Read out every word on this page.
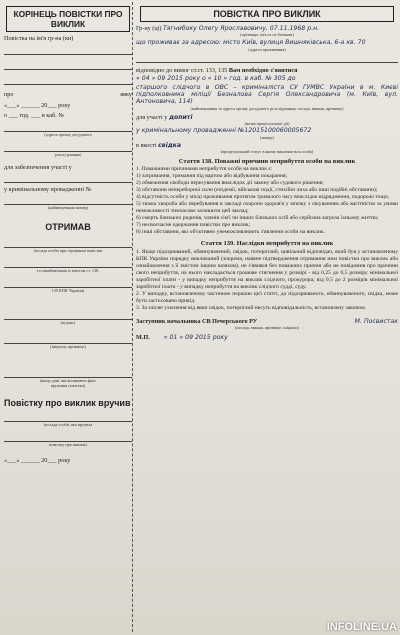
КОРІНЕЦЬ ПОВІСТКИ ПРО ВИКЛИК
Повістка на ім'я гр-на (ки)
про	явку
«___» ______ 20___ року
о ___ год. ___ в каб. №
(адреса органу досудового
розслідування)
для забезпечення участі у
у кримінальному провадженні №
(найменування номер)
ОТРИМАВ
(посада особи при отриманні повістки
та ознайомлення із змістом ст. 138,
139 КПК України)
(підпис)
(ініціали, прізвище)
(якщо дані, які впливають факт
вручення повістки)
Повістку про виклик вручив
(посада особи, яка вручила
повістку про виклик)
«___» ______ 20___ року
ПОВІСТКА ПРО ВИКЛИК
Гр-ну (ці) Тягнибоку Олегу Ярославовичу, 07.11.1968 р.н.
(прізвище, ім'я та по батькові)
що проживає за адресою: місто Київ, вулиця Вишняківська, 6-а кв. 70
(адреса проживання)
відповідно до вимог ст.ст. 133, 135 Вам необхідно з'явитися
« 04 » 09 2015 року о « 10 » год. в каб. № 305 до
старшого слідчого в ОВС – криміналіста СУ ГУМВС України в м. Києві підполковника міліції Безналова Сергія Олександровича (м. Київ, вул. Антоновича, 114)
(найменування та адреса органу досудового розслідування, посада, звання, прізвище)
для участі у допиті
(назва процесуальної дії)
у кримінальному провадженні №12015100060005672
(номер)
в якості свідка
(процесуальний статус в якому викликається особа)
Стаття 138. Поважні причини неприбуття особи на виклик
1. Поважними причинами неприбуття особи на виклик є:
1) затримання, тримання під вартою або відбування покарання;
2) обмеження свободи пересування внаслідок дії закону або судового рішення;
3) обставини непереборної сили (епідемії, військові події, стихійні лиха або інші подібні обставини);
4) відсутність особи у місці проживання протягом тривалого часу внаслідок відрядження, подорожі тощо;
5) тяжка хвороба або перебування в закладі охорони здоров'я у зв'язку з лікуванням або вагітністю за умови неможливості тимчасово залишити цей заклад;
6) смерть близьких родичів, членів сім'ї чи інших близьких осіб або серйозна загроза їхньому життю;
7) несвоєчасне одержання повістки про виклик;
8) інші обставини, які об'єктивно унеможливлюють з'явлення особи на виклик.
Стаття 139. Наслідки неприбуття на виклик
1. Якщо підозрюваний, обвинувачений, свідок, потерпілий, цивільний відповідач, який був у встановленому КПК України порядку викликаний (зокрема, наявне підтвердження отримання ним повістки про виклик або ознайомлення з її змістом іншим шляхом), не з'явився без поважних причин або не повідомив про причини свого неприбуття, на нього накладається грошове стягнення у розмірі - від 0,25 до 0,5 розміру мінімальної заробітної плати - у випадку неприбуття на виклик слідчого, прокурора; від 0,5 до 2 розмірів мінімальної заробітної плати - у випадку неприбуття на виклик слідчого судді, суду.
2. У випадку, встановленому частиною першою цієї статті, до підозрюваного, обвинуваченого, свідка, може бути застосовано привід.
3. За злісне ухилення від явки свідок, потерпілий несуть відповідальність, встановлену законом.
Заступник начальника СВ Печерського РУ	М. Посвистак
(посада, звання, прізвище, ініціали)
М.П. « 01 » 09 2015 року
INFOLINE.UA
